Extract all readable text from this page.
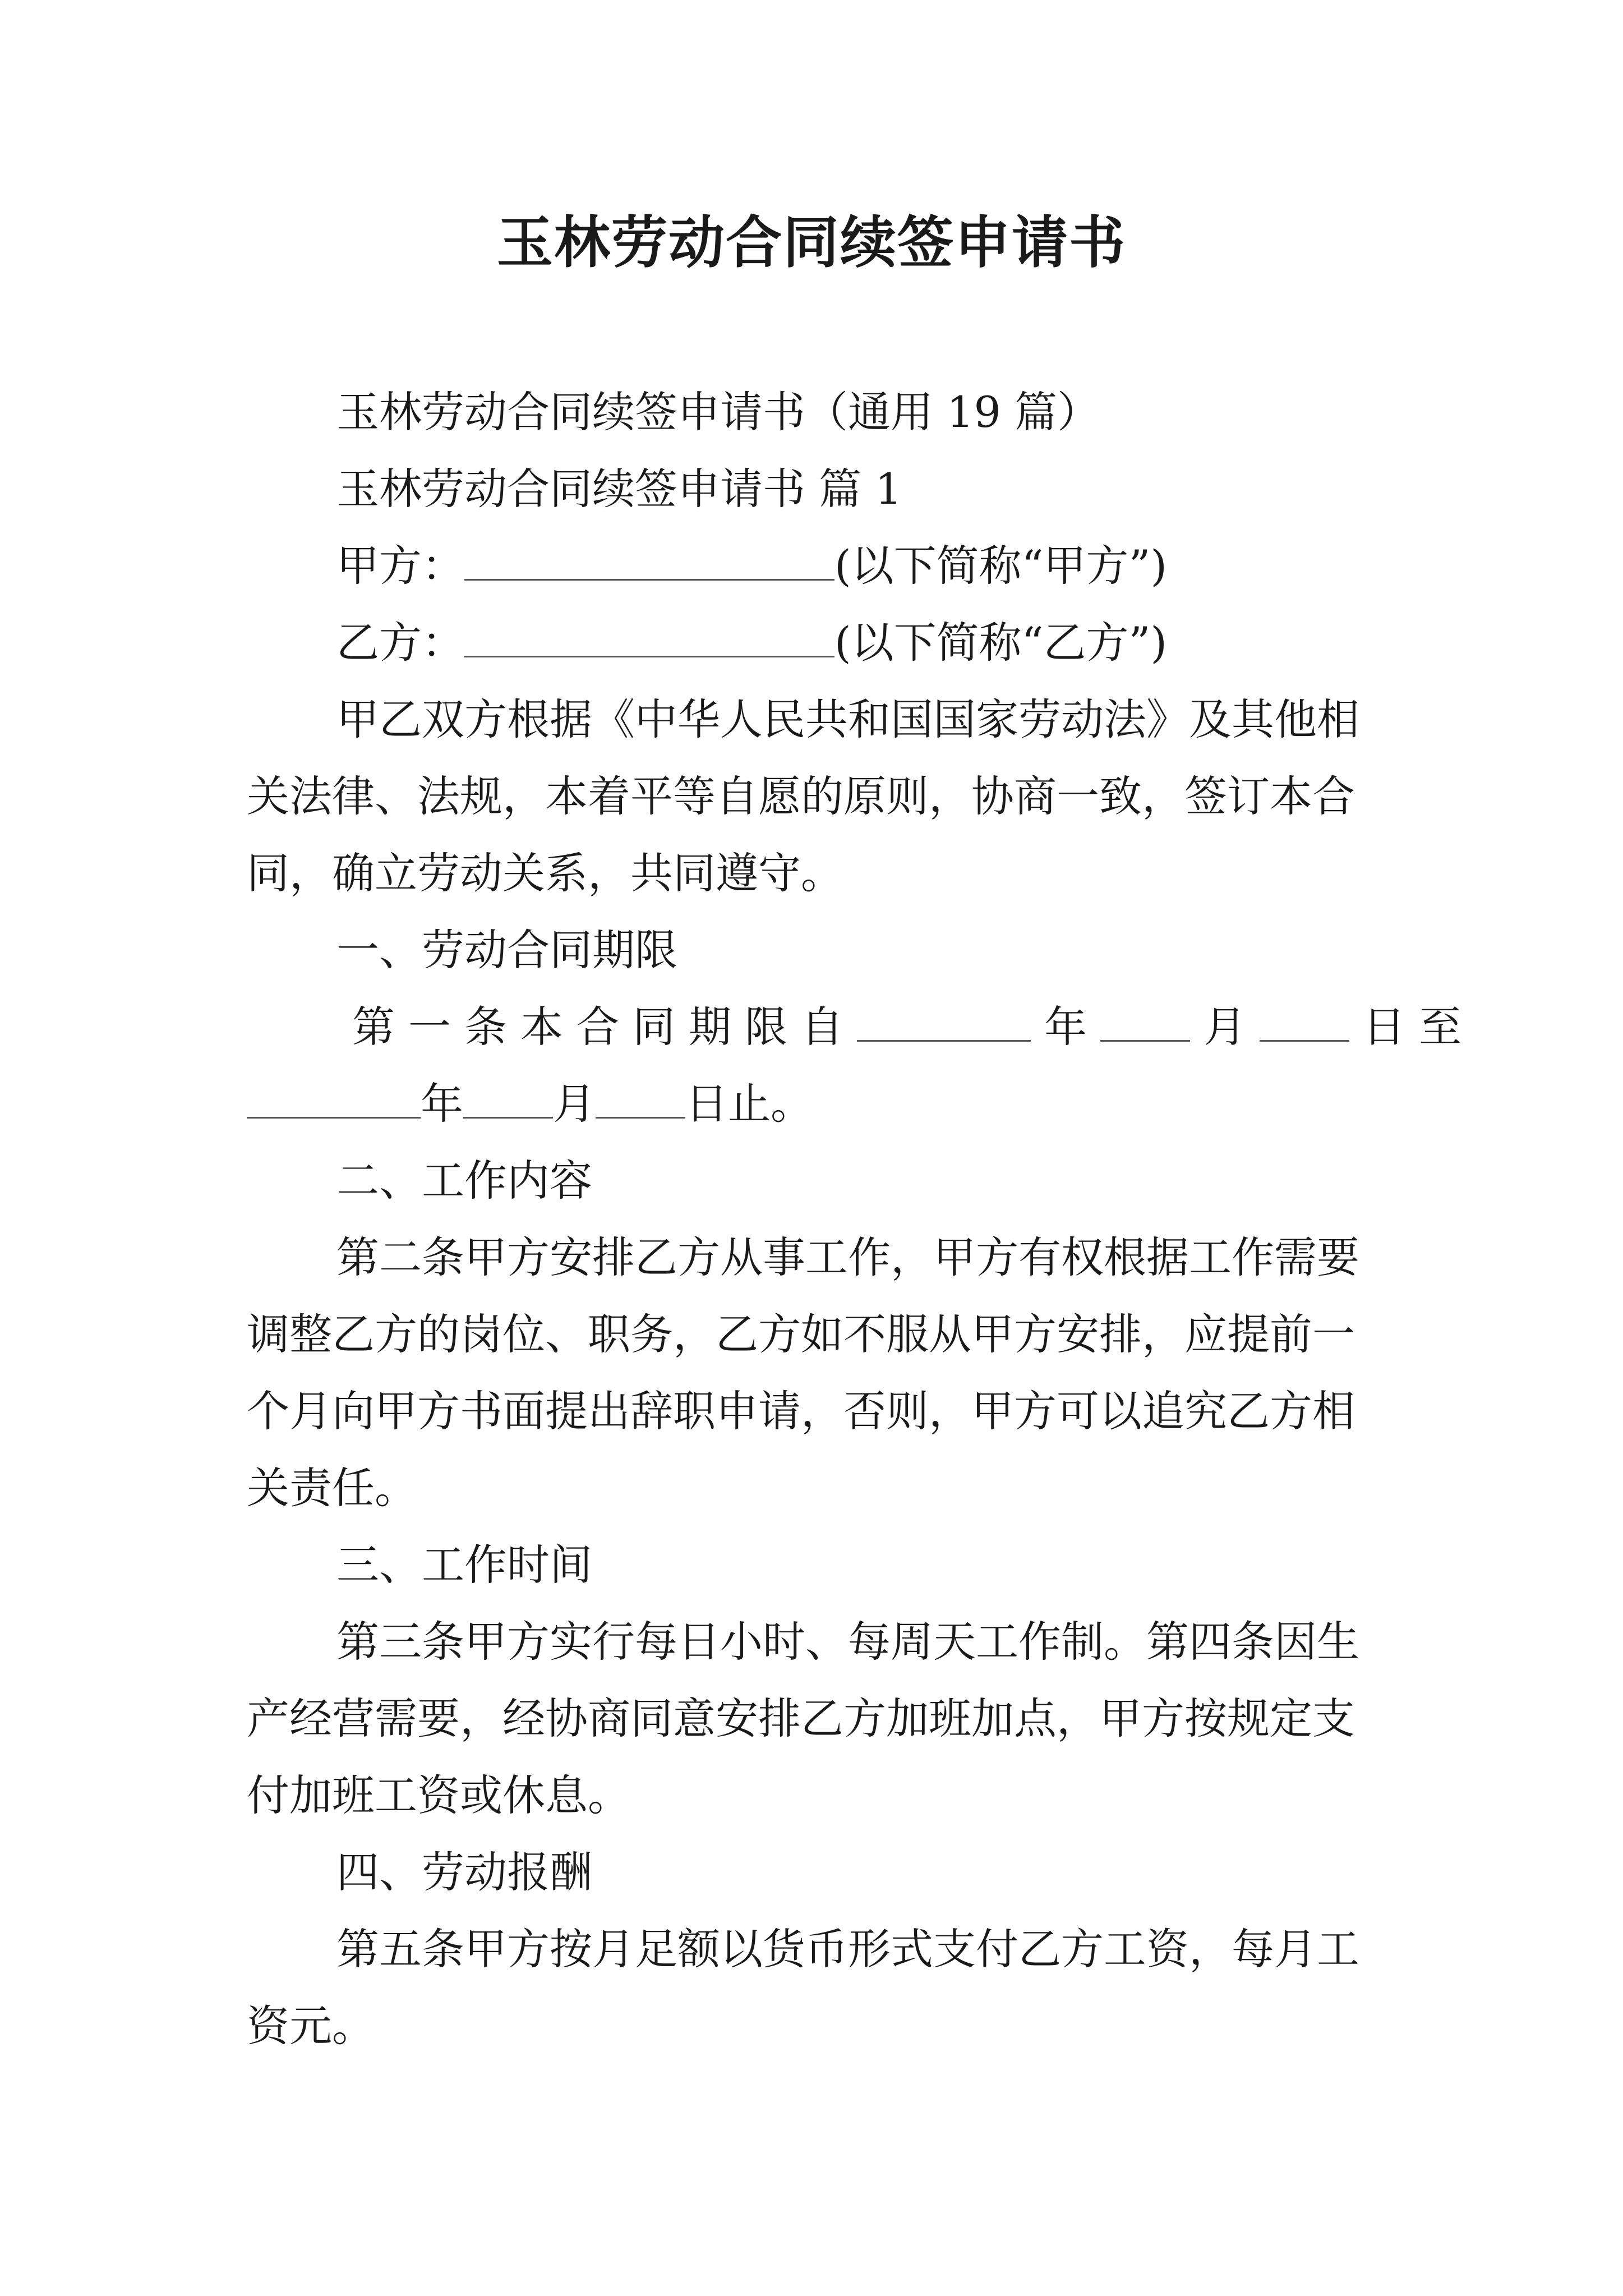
玉林劳动合同续签申请书
玉林劳动合同续签申请书（通用 19 篇）
玉林劳动合同续签申请书 篇 1
甲方：	(以下简称“甲方”)
乙方：	(以下简称“乙方”)
甲乙双方根据《中华人民共和国国家劳动法》及其他相
关法律、法规，本着平等自愿的原则，协商一致，签订本合
同，确立劳动关系，共同遵守。
一、劳动合同期限
第一条本合同期限自	年 月 日至
年 月 日止。
二、工作内容
第二条甲方安排乙方从事工作，甲方有权根据工作需要
调整乙方的岗位、职务，乙方如不服从甲方安排，应提前一
个月向甲方书面提出辞职申请，否则，甲方可以追究乙方相
关责任。
三、工作时间
第三条甲方实行每日小时、每周天工作制。第四条因生
产经营需要，经协商同意安排乙方加班加点，甲方按规定支
付加班工资或休息。
四、劳动报酬
第五条甲方按月足额以货币形式支付乙方工资，每月工
资元。
